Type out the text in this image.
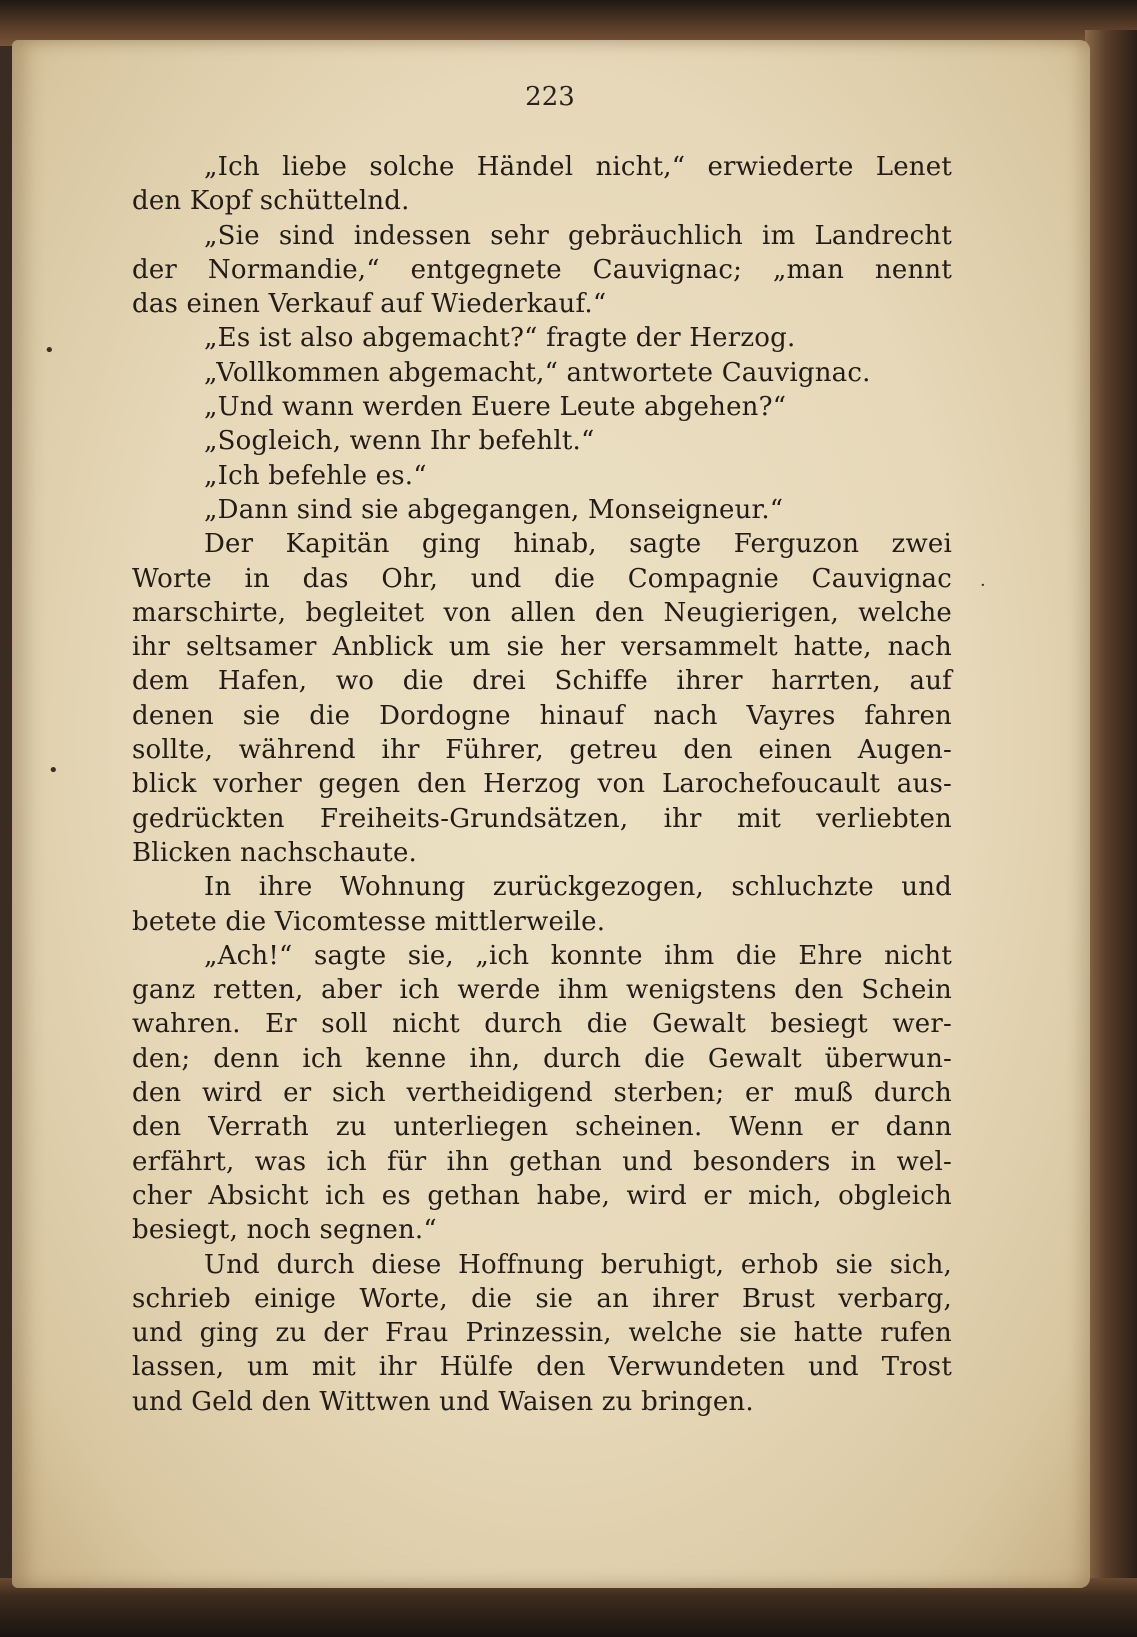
223
„Ich liebe solche Händel nicht,“ erwiederte Lenet
den Kopf schüttelnd.
„Sie sind indessen sehr gebräuchlich im Landrecht
der Normandie,“ entgegnete Cauvignac; „man nennt
das einen Verkauf auf Wiederkauf.“
„Es ist also abgemacht?“ fragte der Herzog.
„Vollkommen abgemacht,“ antwortete Cauvignac.
„Und wann werden Euere Leute abgehen?“
„Sogleich, wenn Ihr befehlt.“
„Ich befehle es.“
„Dann sind sie abgegangen, Monseigneur.“
Der Kapitän ging hinab, sagte Ferguzon zwei
Worte in das Ohr, und die Compagnie Cauvignac
marschirte, begleitet von allen den Neugierigen, welche
ihr seltsamer Anblick um sie her versammelt hatte, nach
dem Hafen, wo die drei Schiffe ihrer harrten, auf
denen sie die Dordogne hinauf nach Vayres fahren
sollte, während ihr Führer, getreu den einen Augen-
blick vorher gegen den Herzog von Larochefoucault aus-
gedrückten Freiheits-Grundsätzen, ihr mit verliebten
Blicken nachschaute.
In ihre Wohnung zurückgezogen, schluchzte und
betete die Vicomtesse mittlerweile.
„Ach!“ sagte sie, „ich konnte ihm die Ehre nicht
ganz retten, aber ich werde ihm wenigstens den Schein
wahren. Er soll nicht durch die Gewalt besiegt wer-
den; denn ich kenne ihn, durch die Gewalt überwun-
den wird er sich vertheidigend sterben; er muß durch
den Verrath zu unterliegen scheinen. Wenn er dann
erfährt, was ich für ihn gethan und besonders in wel-
cher Absicht ich es gethan habe, wird er mich, obgleich
besiegt, noch segnen.“
Und durch diese Hoffnung beruhigt, erhob sie sich,
schrieb einige Worte, die sie an ihrer Brust verbarg,
und ging zu der Frau Prinzessin, welche sie hatte rufen
lassen, um mit ihr Hülfe den Verwundeten und Trost
und Geld den Wittwen und Waisen zu bringen.
•
•
·
